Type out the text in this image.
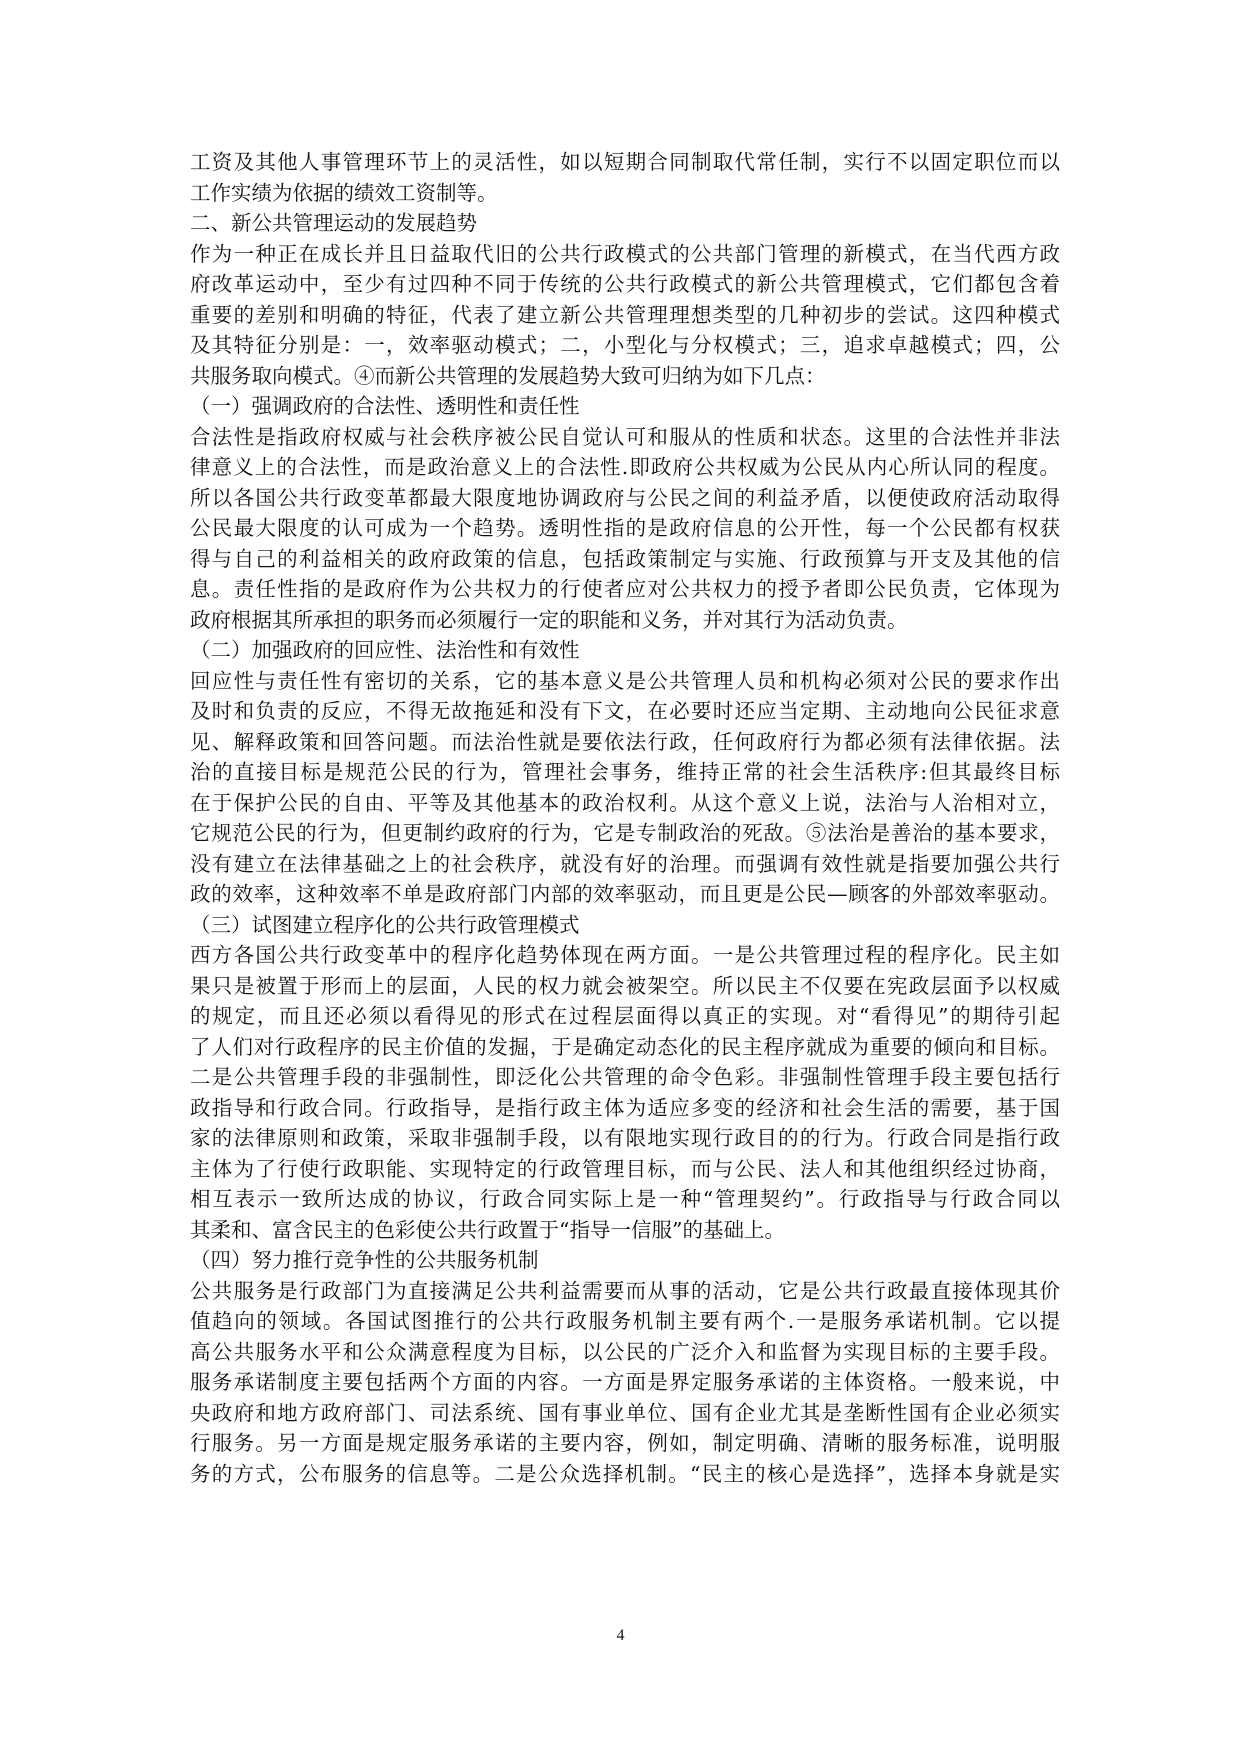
工资及其他人事管理环节上的灵活性，如以短期合同制取代常任制，实行不以固定职位而以
工作实绩为依据的绩效工资制等。
二、新公共管理运动的发展趋势
作为一种正在成长并且日益取代旧的公共行政模式的公共部门管理的新模式，在当代西方政
府改革运动中，至少有过四种不同于传统的公共行政模式的新公共管理模式，它们都包含着
重要的差别和明确的特征，代表了建立新公共管理理想类型的几种初步的尝试。这四种模式
及其特征分别是：一，效率驱动模式；二，小型化与分权模式；三，追求卓越模式；四，公
共服务取向模式。④而新公共管理的发展趋势大致可归纳为如下几点：
（一）强调政府的合法性、透明性和责任性
合法性是指政府权威与社会秩序被公民自觉认可和服从的性质和状态。这里的合法性并非法
律意义上的合法性，而是政治意义上的合法性.即政府公共权威为公民从内心所认同的程度。
所以各国公共行政变革都最大限度地协调政府与公民之间的利益矛盾，以便使政府活动取得
公民最大限度的认可成为一个趋势。透明性指的是政府信息的公开性，每一个公民都有权获
得与自己的利益相关的政府政策的信息，包括政策制定与实施、行政预算与开支及其他的信
息。责任性指的是政府作为公共权力的行使者应对公共权力的授予者即公民负责，它体现为
政府根据其所承担的职务而必须履行一定的职能和义务，并对其行为活动负责。
（二）加强政府的回应性、法治性和有效性
回应性与责任性有密切的关系，它的基本意义是公共管理人员和机构必须对公民的要求作出
及时和负责的反应，不得无故拖延和没有下文，在必要时还应当定期、主动地向公民征求意
见、解释政策和回答问题。而法治性就是要依法行政，任何政府行为都必须有法律依据。法
治的直接目标是规范公民的行为，管理社会事务，维持正常的社会生活秩序:但其最终目标
在于保护公民的自由、平等及其他基本的政治权利。从这个意义上说，法治与人治相对立，
它规范公民的行为，但更制约政府的行为，它是专制政治的死敌。⑤法治是善治的基本要求，
没有建立在法律基础之上的社会秩序，就没有好的治理。而强调有效性就是指要加强公共行
政的效率，这种效率不单是政府部门内部的效率驱动，而且更是公民—顾客的外部效率驱动。
（三）试图建立程序化的公共行政管理模式
西方各国公共行政变革中的程序化趋势体现在两方面。一是公共管理过程的程序化。民主如
果只是被置于形而上的层面，人民的权力就会被架空。所以民主不仅要在宪政层面予以权威
的规定，而且还必须以看得见的形式在过程层面得以真正的实现。对“看得见”的期待引起
了人们对行政程序的民主价值的发掘，于是确定动态化的民主程序就成为重要的倾向和目标。
二是公共管理手段的非强制性，即泛化公共管理的命令色彩。非强制性管理手段主要包括行
政指导和行政合同。行政指导，是指行政主体为适应多变的经济和社会生活的需要，基于国
家的法律原则和政策，采取非强制手段，以有限地实现行政目的的行为。行政合同是指行政
主体为了行使行政职能、实现特定的行政管理目标，而与公民、法人和其他组织经过协商，
相互表示一致所达成的协议，行政合同实际上是一种“管理契约”。行政指导与行政合同以
其柔和、富含民主的色彩使公共行政置于“指导一信服”的基础上。
（四）努力推行竞争性的公共服务机制
公共服务是行政部门为直接满足公共利益需要而从事的活动，它是公共行政最直接体现其价
值趋向的领域。各国试图推行的公共行政服务机制主要有两个.一是服务承诺机制。它以提
高公共服务水平和公众满意程度为目标，以公民的广泛介入和监督为实现目标的主要手段。
服务承诺制度主要包括两个方面的内容。一方面是界定服务承诺的主体资格。一般来说，中
央政府和地方政府部门、司法系统、国有事业单位、国有企业尤其是垄断性国有企业必须实
行服务。另一方面是规定服务承诺的主要内容，例如，制定明确、清晰的服务标准，说明服
务的方式，公布服务的信息等。二是公众选择机制。“民主的核心是选择”，选择本身就是实
4
